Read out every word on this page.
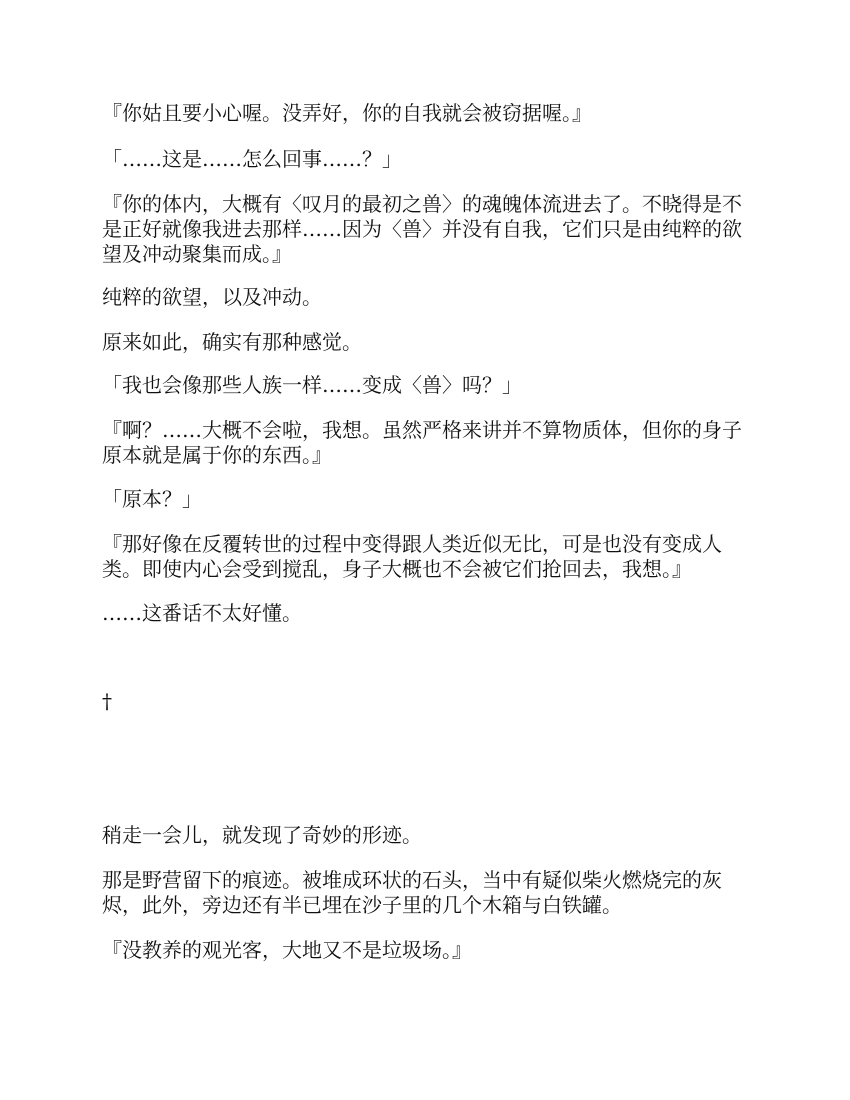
『你姑且要小心喔。没弄好，你的自我就会被窃据喔。』

「……这是……怎么回事……？」

『你的体内，大概有〈叹月的最初之兽〉的魂魄体流进去了。不晓得是不是正好就像我进去那样……因为〈兽〉并没有自我，它们只是由纯粹的欲望及冲动聚集而成。』

纯粹的欲望，以及冲动。

原来如此，确实有那种感觉。

「我也会像那些人族一样……变成〈兽〉吗？」

『啊？……大概不会啦，我想。虽然严格来讲并不算物质体，但你的身子原本就是属于你的东西。』

「原本？」

『那好像在反覆转世的过程中变得跟人类近似无比，可是也没有变成人类。即使内心会受到搅乱，身子大概也不会被它们抢回去，我想。』

……这番话不太好懂。

†

稍走一会儿，就发现了奇妙的形迹。

那是野营留下的痕迹。被堆成环状的石头，当中有疑似柴火燃烧完的灰烬，此外，旁边还有半已埋在沙子里的几个木箱与白铁罐。

『没教养的观光客，大地又不是垃圾场。』
